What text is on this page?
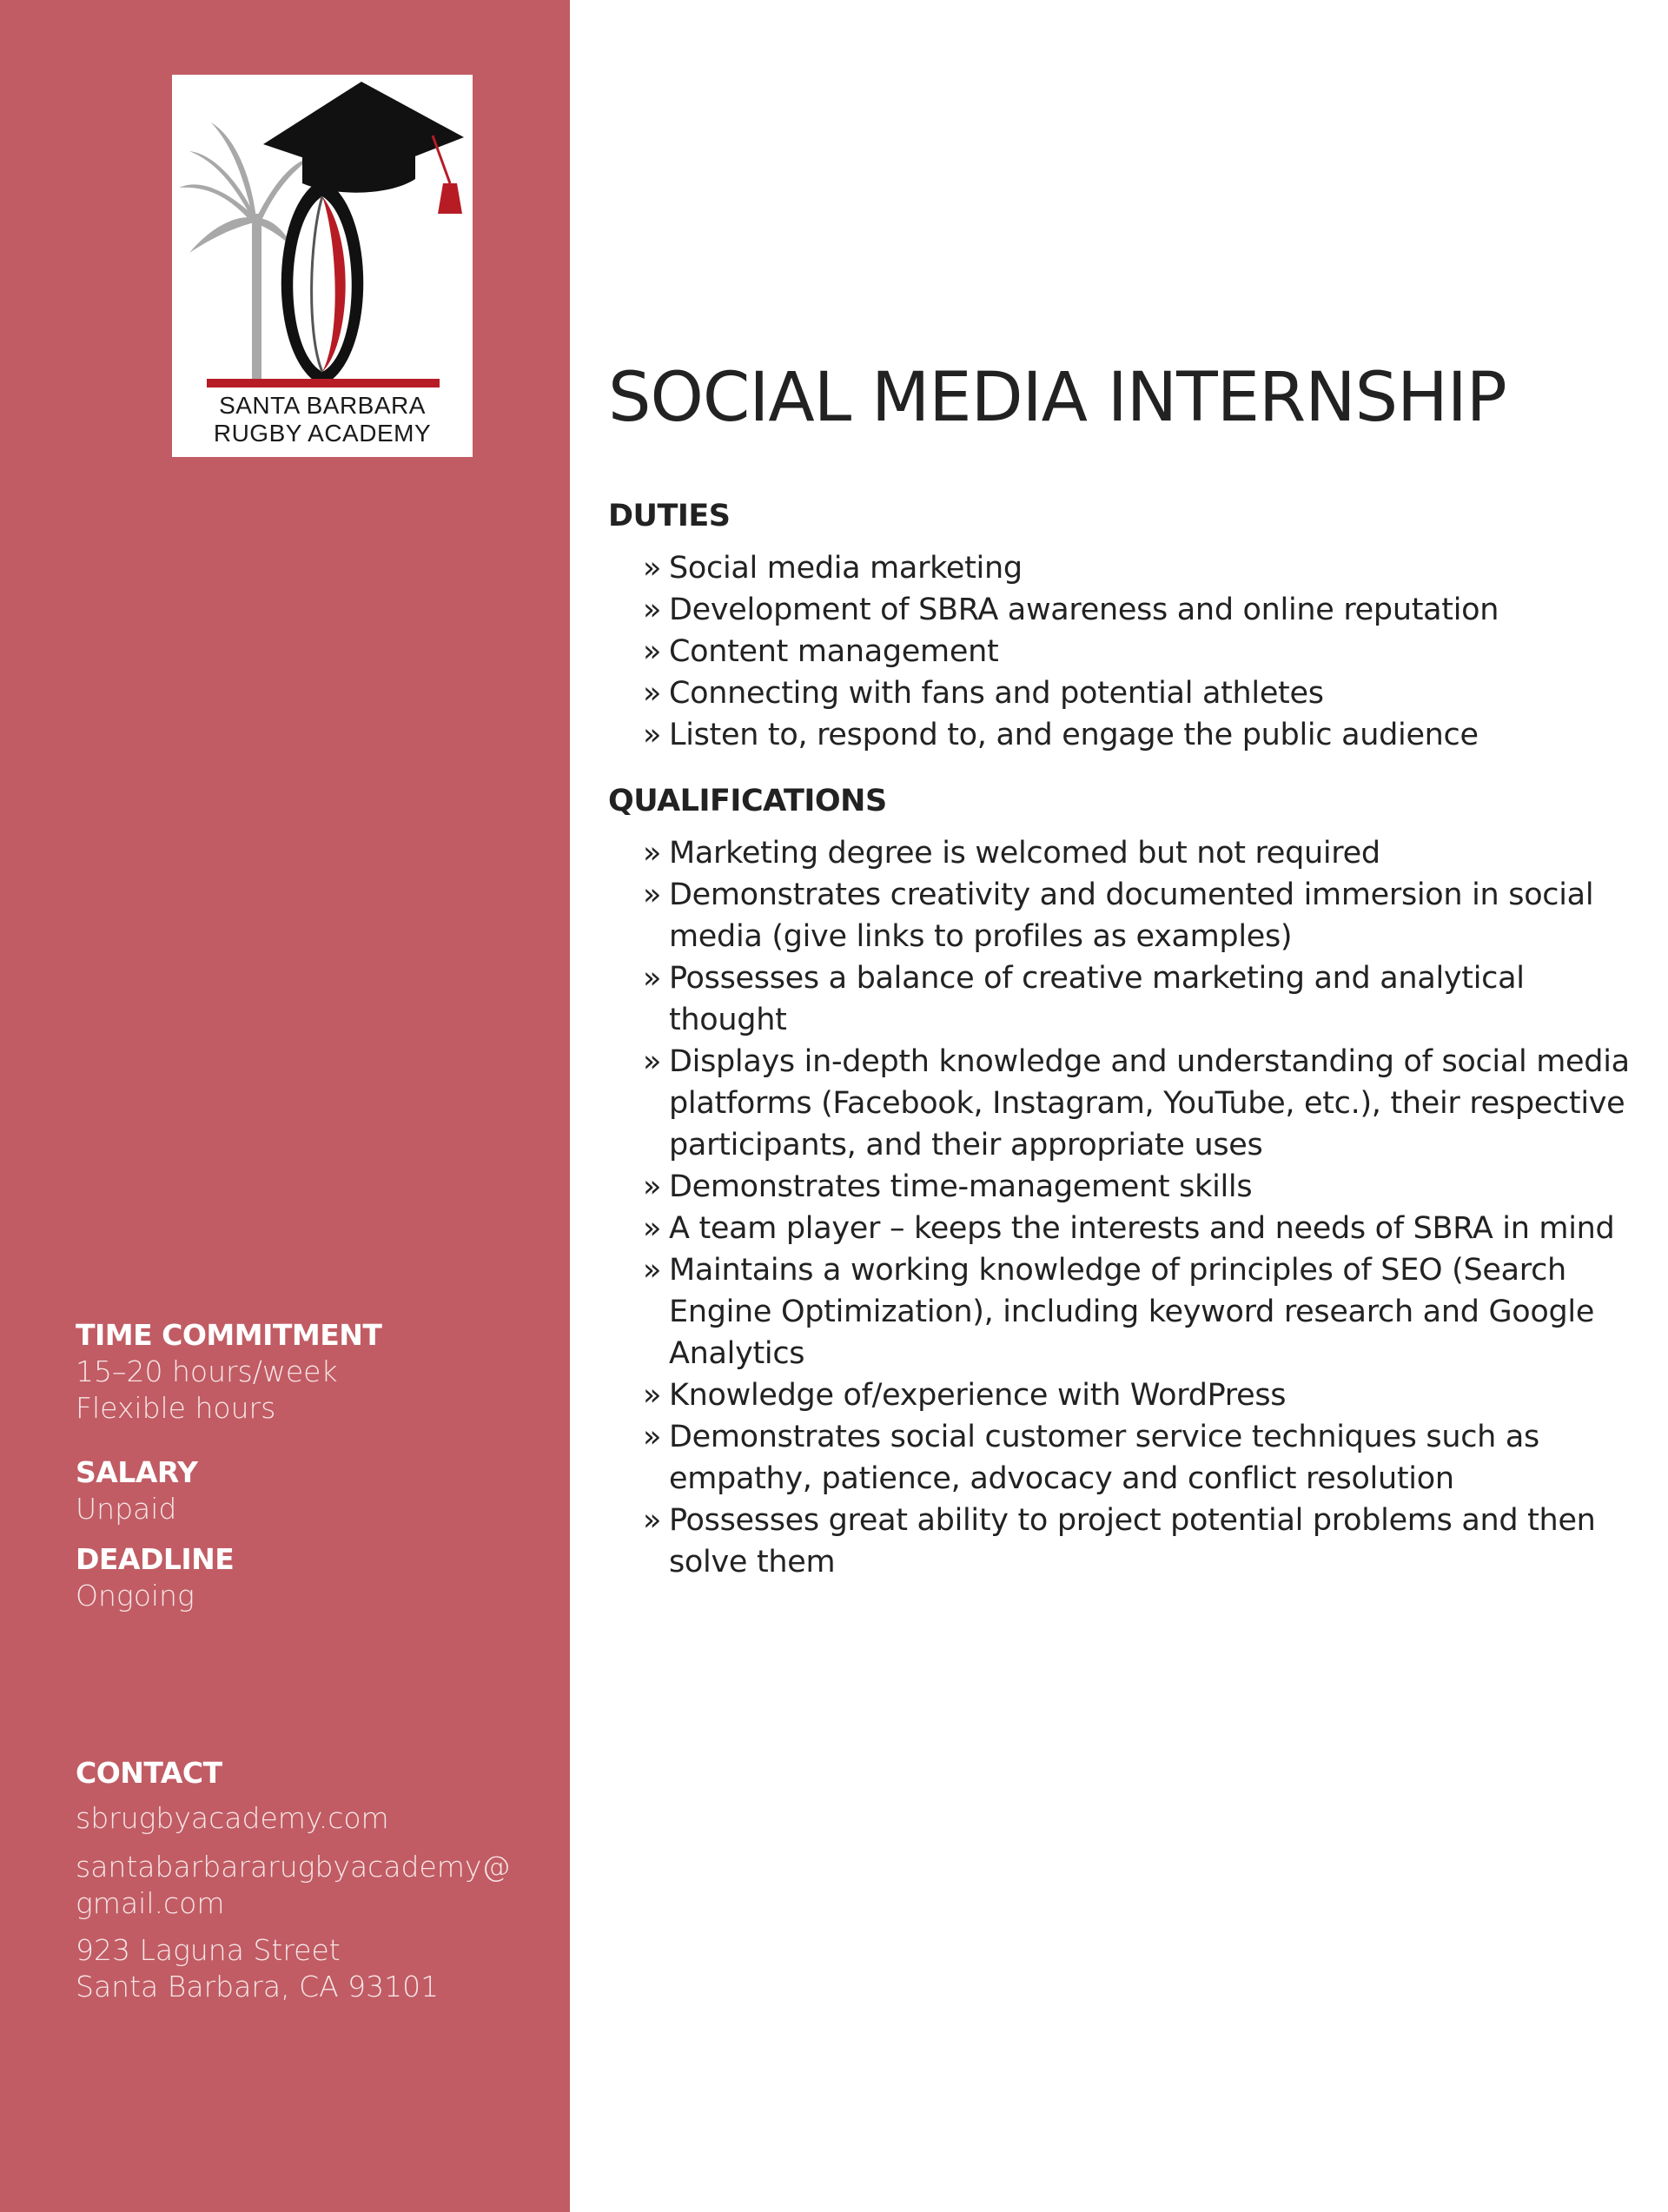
SANTA BARBARA
RUGBY ACADEMY
TIME COMMITMENT
15–20 hours/week
Flexible hours
SALARY
Unpaid
DEADLINE
Ongoing
CONTACT
sbrugbyacademy.com
santabarbararugbyacademy@
gmail.com
923 Laguna Street
Santa Barbara, CA 93101
SOCIAL MEDIA INTERNSHIP
DUTIES
» Social media marketing
» Development of SBRA awareness and online reputation
» Content management
» Connecting with fans and potential athletes
» Listen to, respond to, and engage the public audience
QUALIFICATIONS
» Marketing degree is welcomed but not required
» Demonstrates creativity and documented immersion in social media (give links to profiles as examples)
» Possesses a balance of creative marketing and analytical thought
» Displays in-depth knowledge and understanding of social media platforms (Facebook, Instagram, YouTube, etc.), their respective participants, and their appropriate uses
» Demonstrates time-management skills
» A team player – keeps the interests and needs of SBRA in mind
» Maintains a working knowledge of principles of SEO (Search Engine Optimization), including keyword research and Google Analytics
» Knowledge of/experience with WordPress
» Demonstrates social customer service techniques such as empathy, patience, advocacy and conflict resolution
» Possesses great ability to project potential problems and then solve them
